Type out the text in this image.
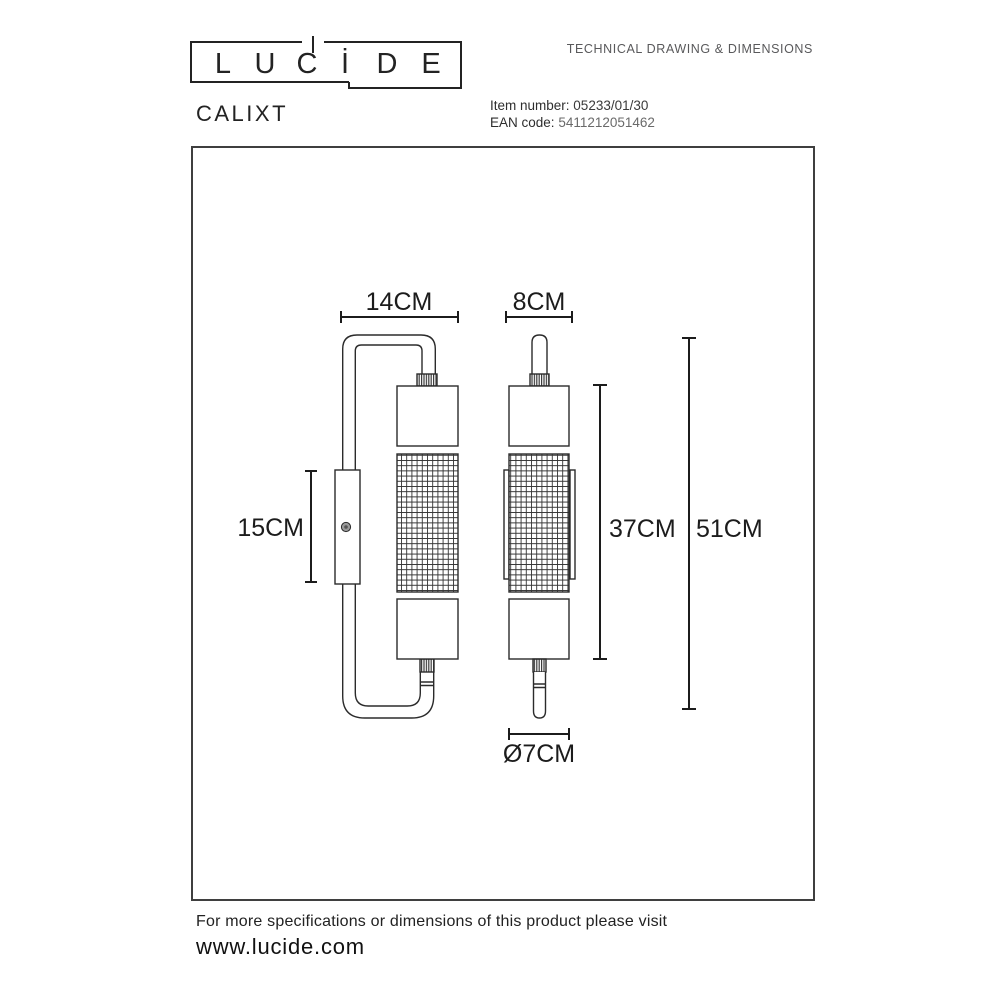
L U C İ D E	TECHNICAL DRAWING & DIMENSIONS
CALIXT	Item number: 05233/01/30
EAN code: 5411212051462
14CM	8CM
15CM	37CM 51CM
Ø7CM
For more specifications or dimensions of this product please visit
www.lucide.com
